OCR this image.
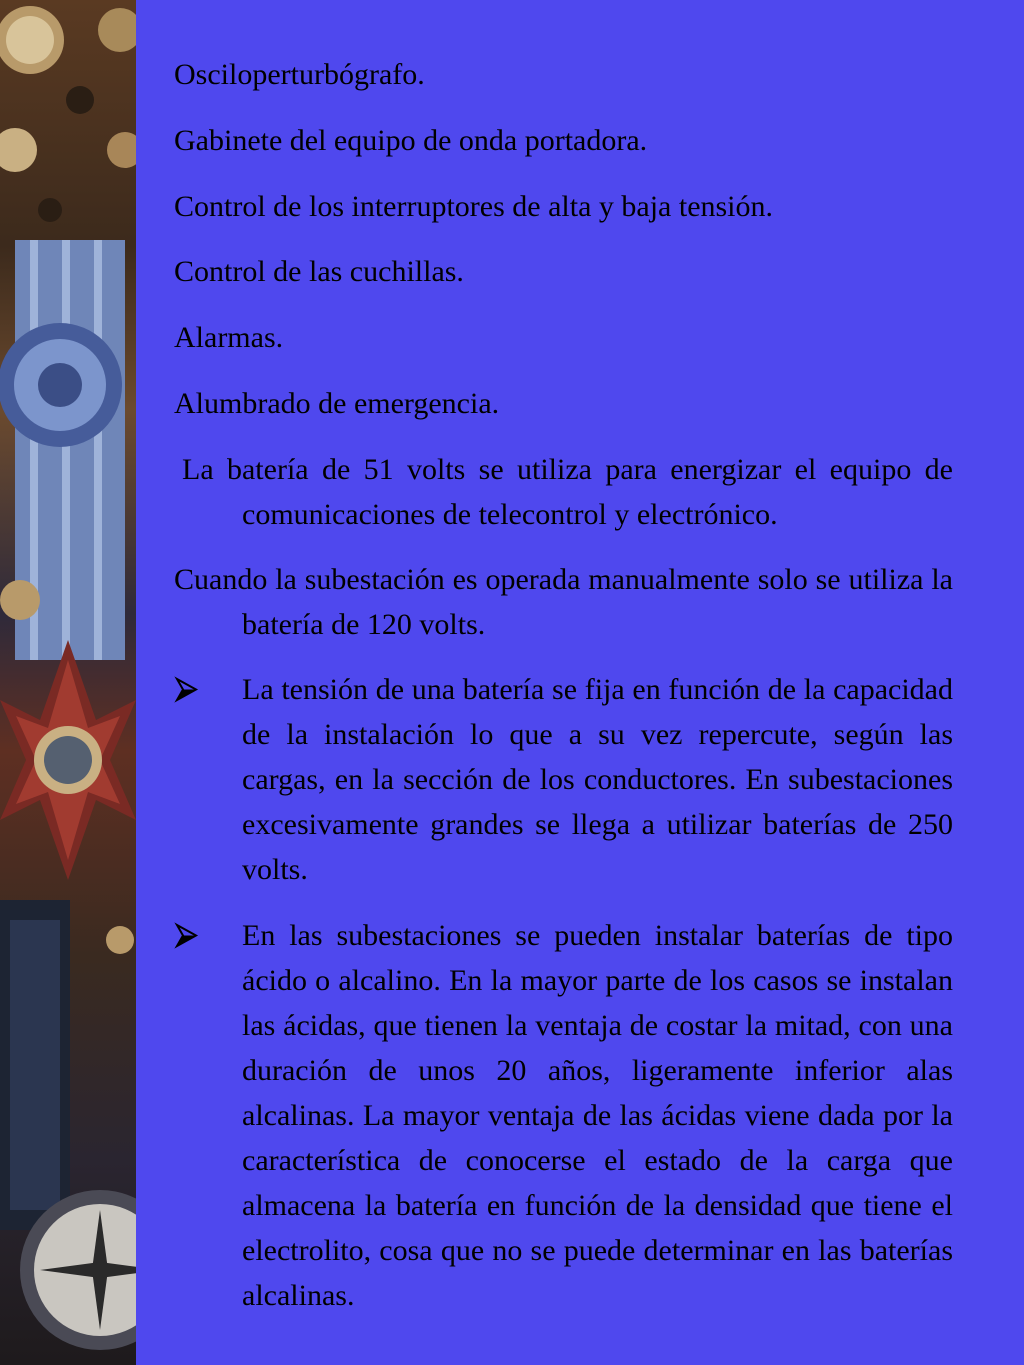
Osciloperturbógrafo.
Gabinete del equipo de onda portadora.
Control de los interruptores de alta y baja tensión.
Control de las cuchillas.
Alarmas.
Alumbrado de emergencia.
La batería de 51 volts se utiliza para energizar el equipo de comunicaciones de telecontrol y electrónico.
Cuando la subestación es operada manualmente solo se utiliza la batería de 120 volts.
La tensión de una batería se fija en función de la capacidad de la instalación lo que a su vez repercute, según las cargas, en la sección de los conductores. En subestaciones excesivamente grandes se llega a utilizar baterías de 250 volts.
En las subestaciones se pueden instalar baterías de tipo ácido o alcalino. En la mayor parte de los casos se instalan las ácidas, que tienen la ventaja de costar la mitad, con una duración de unos 20 años, ligeramente inferior alas alcalinas. La mayor ventaja de las ácidas viene dada por la característica de conocerse el estado de la carga que almacena la batería en función de la densidad que tiene el electrolito, cosa que no se puede determinar en las baterías alcalinas.
